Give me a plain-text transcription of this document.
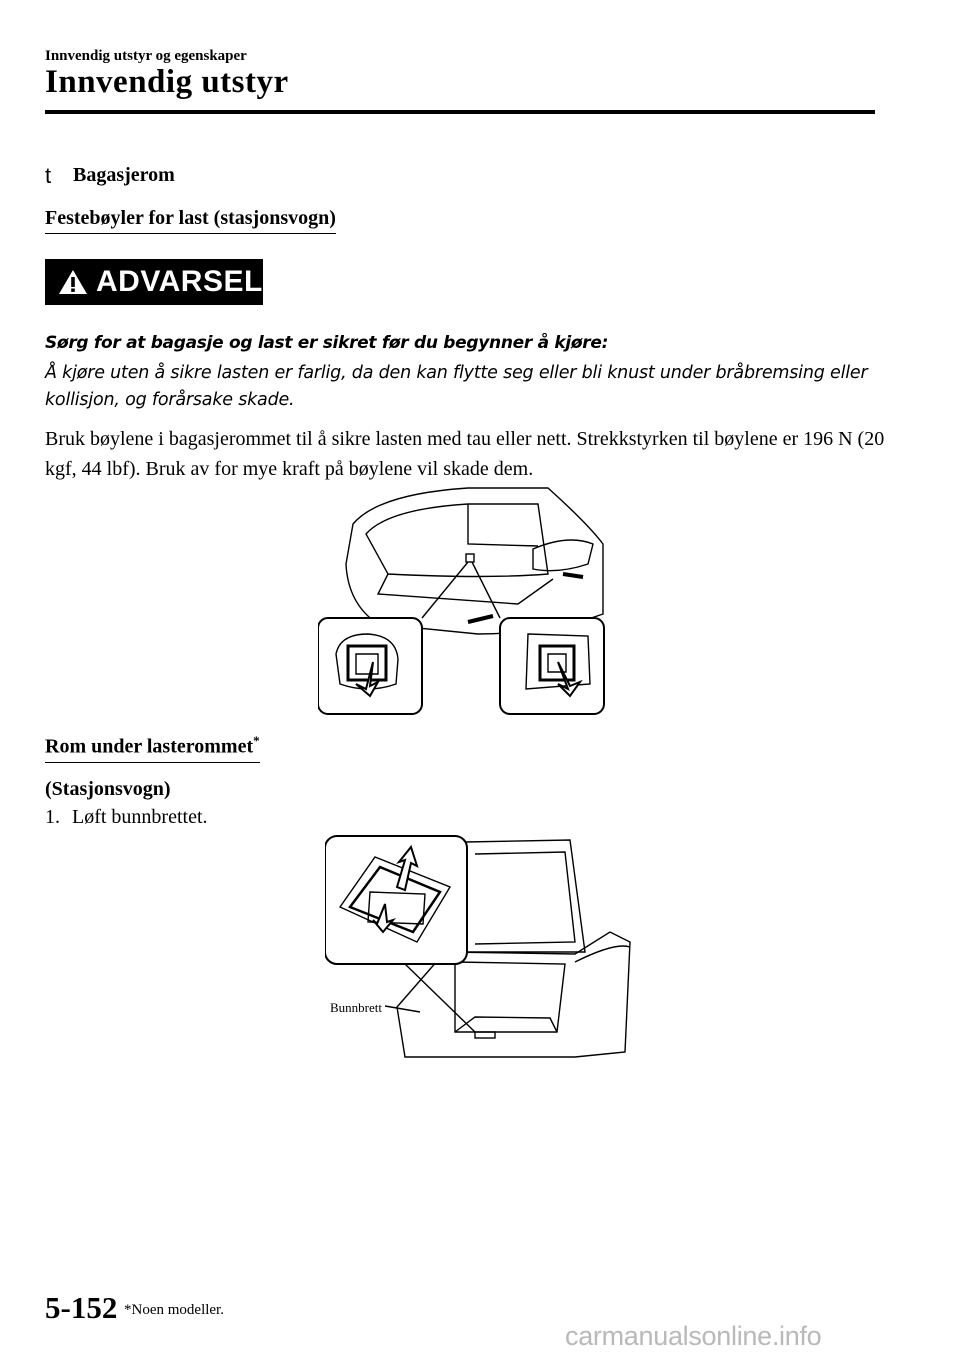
Innvendig utstyr og egenskaper
Innvendig utstyr
t Bagasjerom
Festebøyler for last (stasjonsvogn)
ADVARSEL
Sørg for at bagasje og last er sikret før du begynner å kjøre:
Å kjøre uten å sikre lasten er farlig, da den kan flytte seg eller bli knust under bråbremsing eller kollisjon, og forårsake skade.
Bruk bøylene i bagasjerommet til å sikre lasten med tau eller nett. Strekkstyrken til bøylene er 196 N (20 kgf, 44 lbf). Bruk av for mye kraft på bøylene vil skade dem.
Rom under lasterommet*
(Stasjonsvogn)
1. Løft bunnbrettet.
Bunnbrett
5-152 *Noen modeller.
carmanualsonline.info
